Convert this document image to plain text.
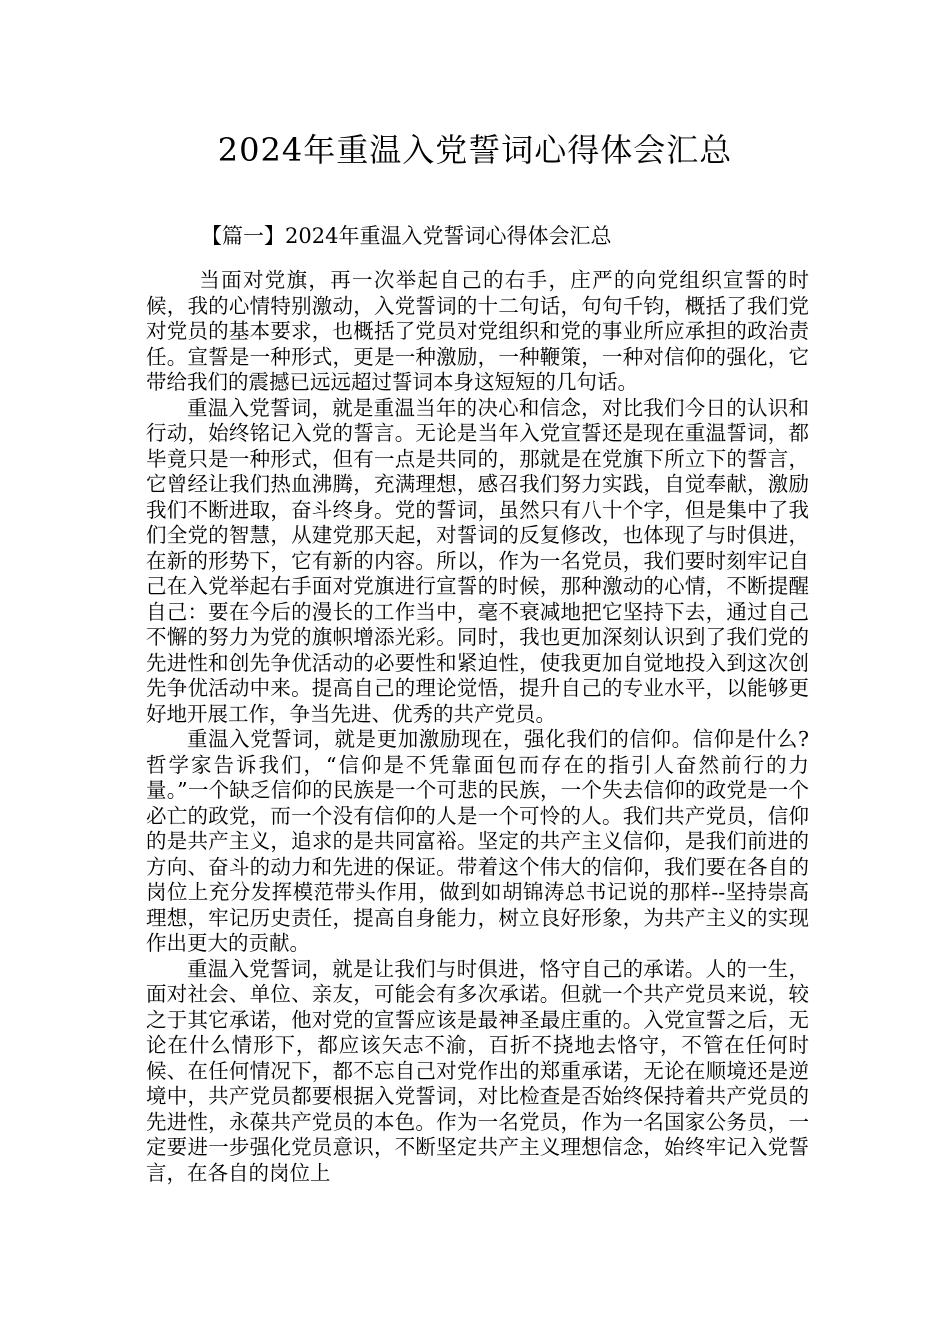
2024年重温入党誓词心得体会汇总
【篇一】2024年重温入党誓词心得体会汇总

当面对党旗，再一次举起自己的右手，庄严的向党组织宣誓的时候，我的心情特别激动，入党誓词的十二句话，句句千钧，概括了我们党对党员的基本要求，也概括了党员对党组织和党的事业所应承担的政治责任。宣誓是一种形式，更是一种激励，一种鞭策，一种对信仰的强化，它带给我们的震撼已远远超过誓词本身这短短的几句话。

重温入党誓词，就是重温当年的决心和信念，对比我们今日的认识和行动，始终铭记入党的誓言。无论是当年入党宣誓还是现在重温誓词，都毕竟只是一种形式，但有一点是共同的，那就是在党旗下所立下的誓言，它曾经让我们热血沸腾，充满理想，感召我们努力实践，自觉奉献，激励我们不断进取，奋斗终身。党的誓词，虽然只有八十个字，但是集中了我们全党的智慧，从建党那天起，对誓词的反复修改，也体现了与时俱进，在新的形势下，它有新的内容。所以，作为一名党员，我们要时刻牢记自己在入党举起右手面对党旗进行宣誓的时候，那种激动的心情，不断提醒自己：要在今后的漫长的工作当中，毫不衰减地把它坚持下去，通过自己不懈的努力为党的旗帜增添光彩。同时，我也更加深刻认识到了我们党的先进性和创先争优活动的必要性和紧迫性，使我更加自觉地投入到这次创先争优活动中来。提高自己的理论觉悟，提升自己的专业水平，以能够更好地开展工作，争当先进、优秀的共产党员。

重温入党誓词，就是更加激励现在，强化我们的信仰。信仰是什么?哲学家告诉我们，“信仰是不凭靠面包而存在的指引人奋然前行的力量。”一个缺乏信仰的民族是一个可悲的民族，一个失去信仰的政党是一个必亡的政党，而一个没有信仰的人是一个可怜的人。我们共产党员，信仰的是共产主义，追求的是共同富裕。坚定的共产主义信仰，是我们前进的方向、奋斗的动力和先进的保证。带着这个伟大的信仰，我们要在各自的岗位上充分发挥模范带头作用，做到如胡锦涛总书记说的那样--坚持崇高理想，牢记历史责任，提高自身能力，树立良好形象，为共产主义的实现作出更大的贡献。

重温入党誓词，就是让我们与时俱进，恪守自己的承诺。人的一生，面对社会、单位、亲友，可能会有多次承诺。但就一个共产党员来说，较之于其它承诺，他对党的宣誓应该是最神圣最庄重的。入党宣誓之后，无论在什么情形下，都应该矢志不渝，百折不挠地去恪守，不管在任何时候、在任何情况下，都不忘自己对党作出的郑重承诺，无论在顺境还是逆境中，共产党员都要根据入党誓词，对比检查是否始终保持着共产党员的先进性，永葆共产党员的本色。作为一名党员，作为一名国家公务员，一定要进一步强化党员意识，不断坚定共产主义理想信念，始终牢记入党誓言，在各自的岗位上
